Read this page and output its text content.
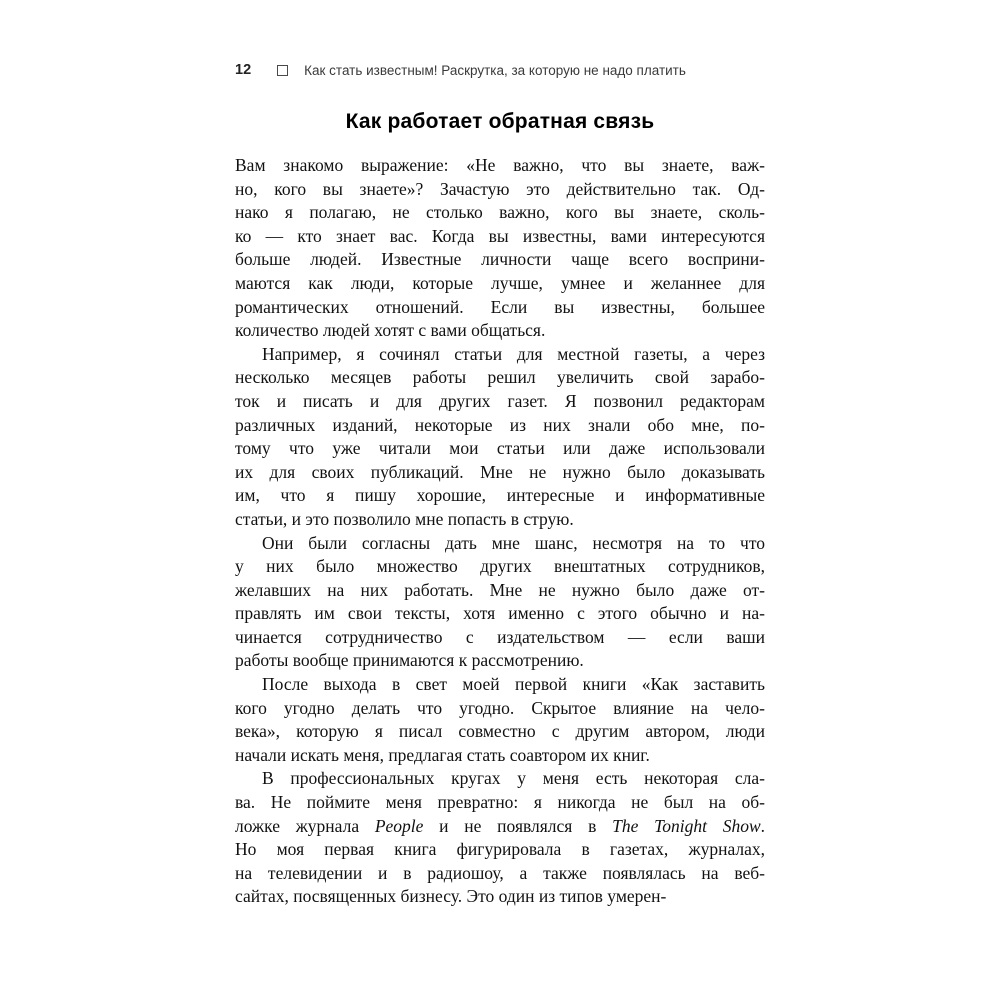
12	Как стать известным! Раскрутка, за которую не надо платить
Как работает обратная связь
Вам знакомо выражение: «Не важно, что вы знаете, важ-
но, кого вы знаете»? Зачастую это действительно так. Од-
нако я полагаю, не столько важно, кого вы знаете, сколь-
ко — кто знает вас. Когда вы известны, вами интересуются
больше людей. Известные личности чаще всего восприни-
маются как люди, которые лучше, умнее и желаннее для
романтических отношений. Если вы известны, большее
количество людей хотят с вами общаться.
Например, я сочинял статьи для местной газеты, а через
несколько месяцев работы решил увеличить свой зарабо-
ток и писать и для других газет. Я позвонил редакторам
различных изданий, некоторые из них знали обо мне, по-
тому что уже читали мои статьи или даже использовали
их для своих публикаций. Мне не нужно было доказывать
им, что я пишу хорошие, интересные и информативные
статьи, и это позволило мне попасть в струю.
Они были согласны дать мне шанс, несмотря на то что
у них было множество других внештатных сотрудников,
желавших на них работать. Мне не нужно было даже от-
правлять им свои тексты, хотя именно с этого обычно и на-
чинается сотрудничество с издательством — если ваши
работы вообще принимаются к рассмотрению.
После выхода в свет моей первой книги «Как заставить
кого угодно делать что угодно. Скрытое влияние на чело-
века», которую я писал совместно с другим автором, люди
начали искать меня, предлагая стать соавтором их книг.
В профессиональных кругах у меня есть некоторая сла-
ва. Не поймите меня превратно: я никогда не был на об-
ложке журнала People и не появлялся в The Tonight Show.
Но моя первая книга фигурировала в газетах, журналах,
на телевидении и в радиошоу, а также появлялась на веб-
сайтах, посвященных бизнесу. Это один из типов умерен-
